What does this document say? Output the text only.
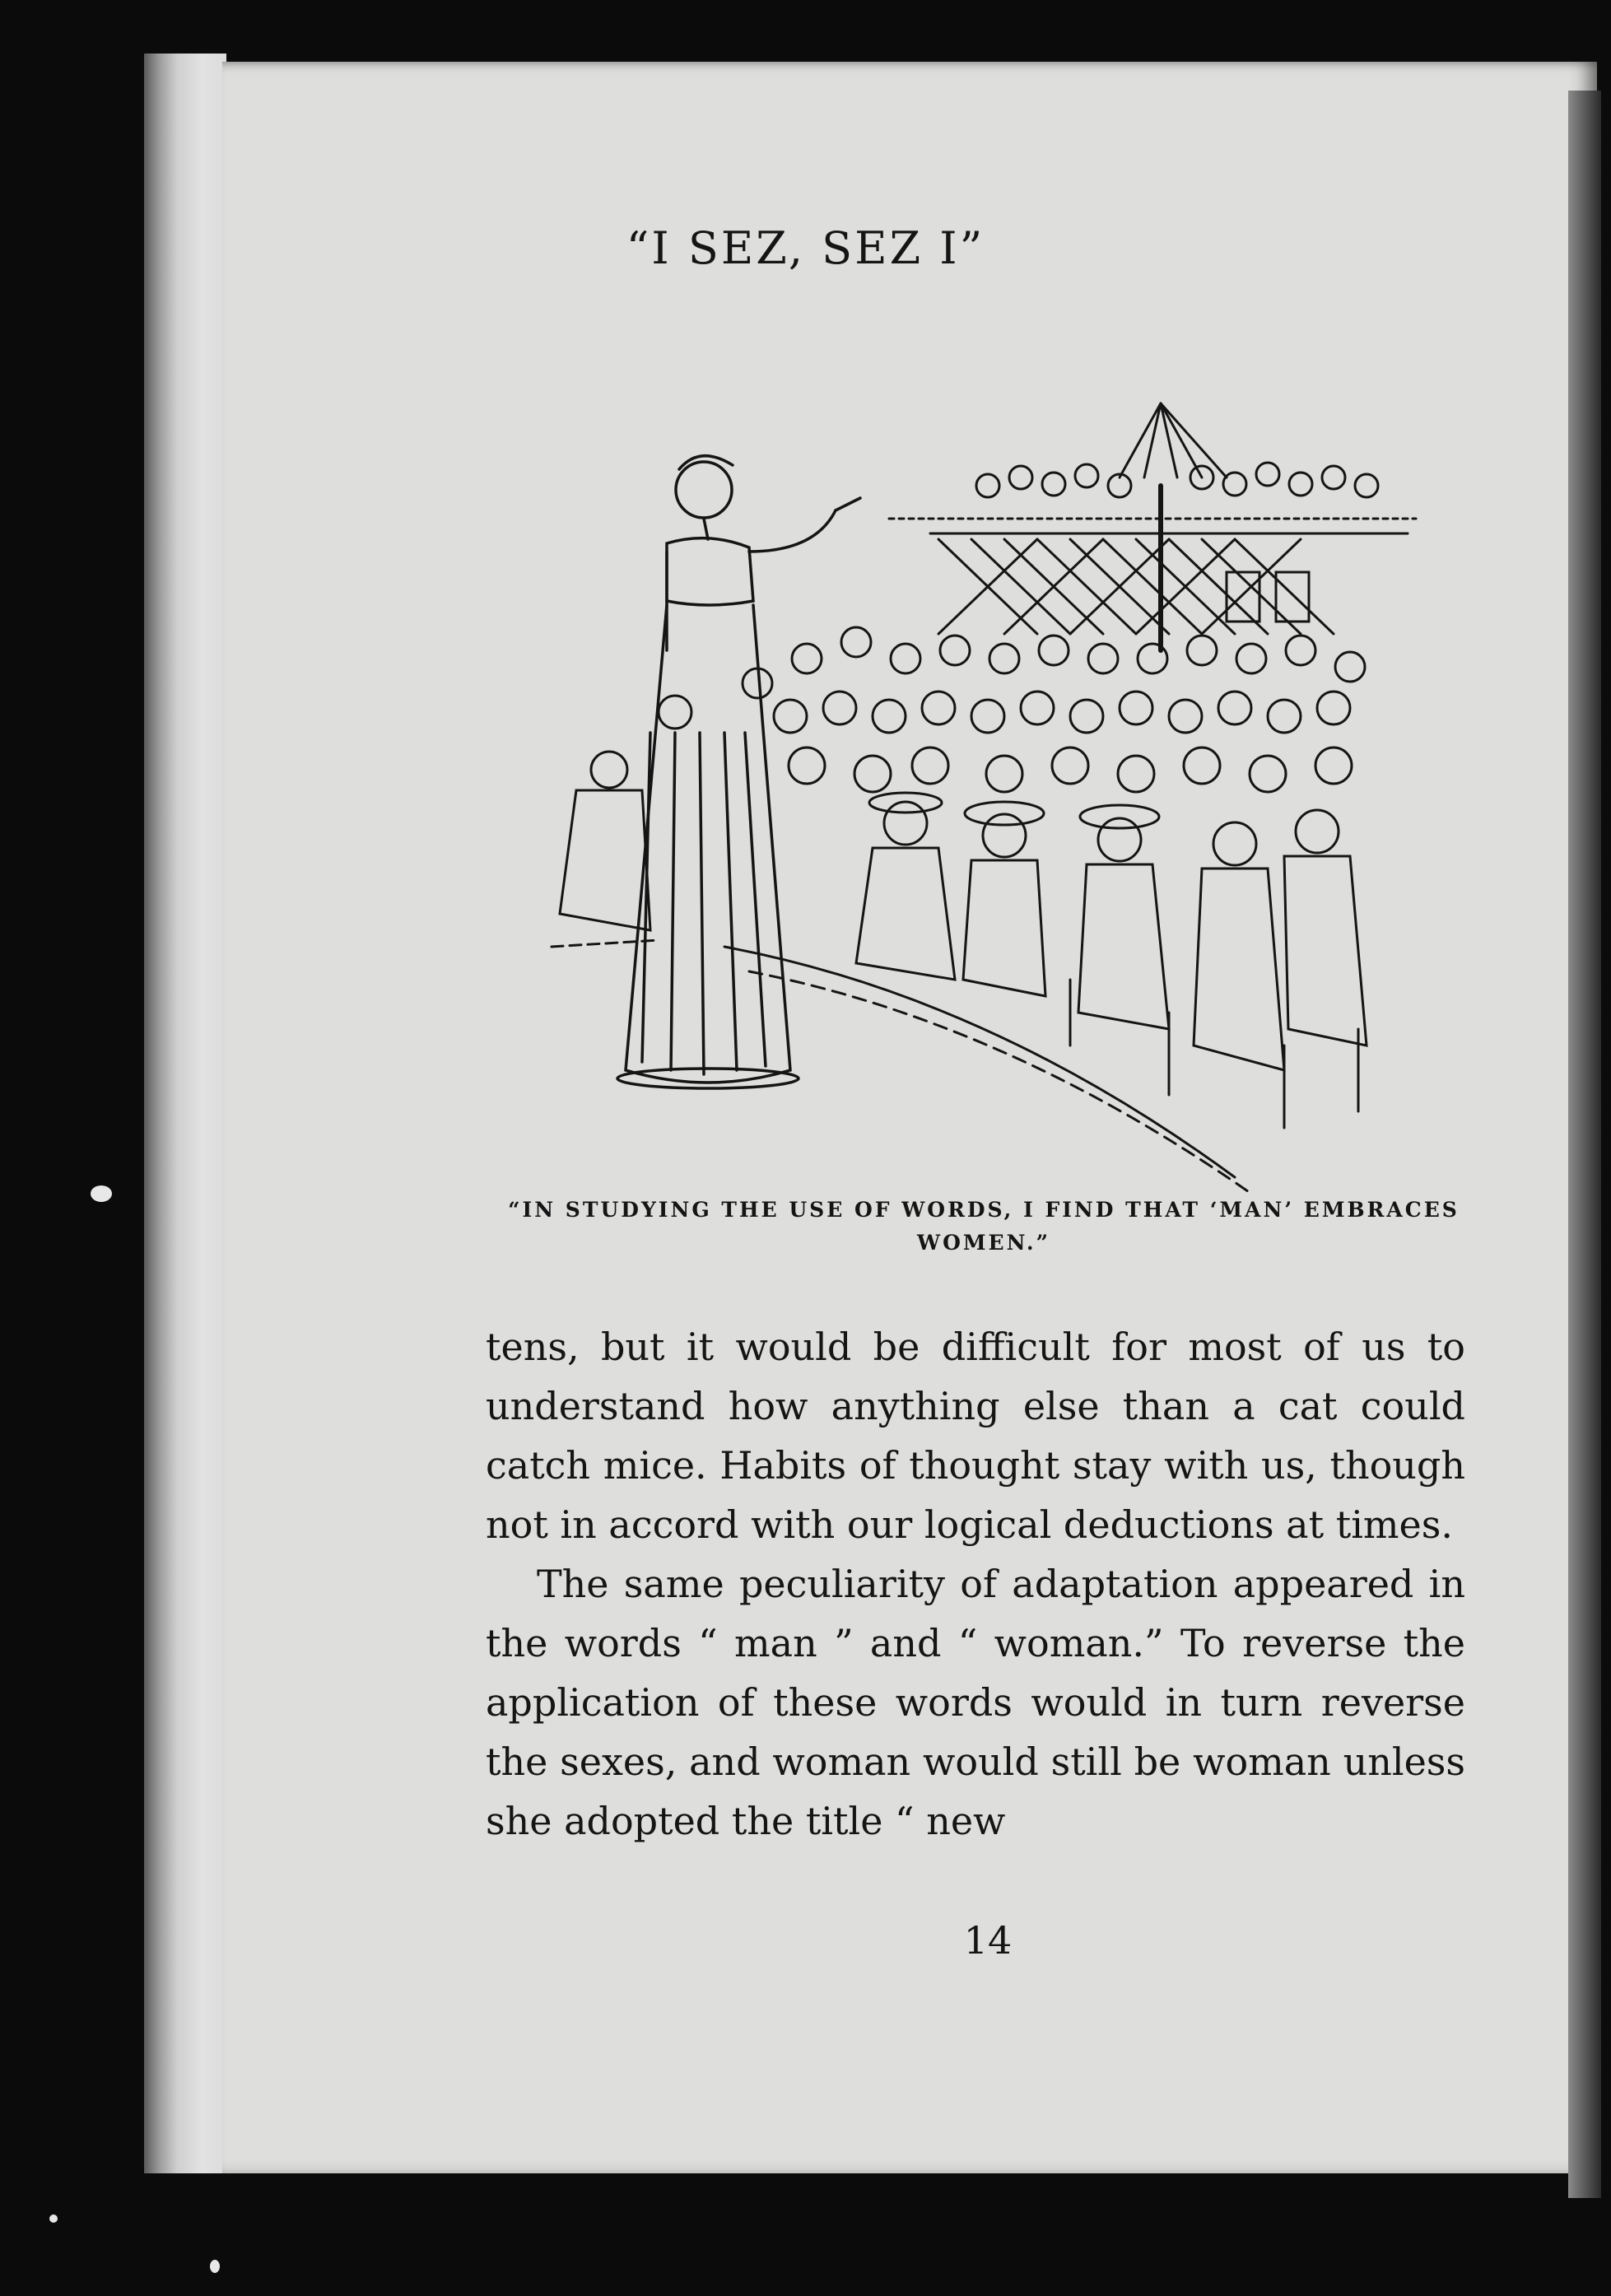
“I SEZ, SEZ I”
“IN STUDYING THE USE OF WORDS, I FIND THAT ‘MAN’ EMBRACES
WOMEN.”

tens, but it would be difficult for most of us to understand how anything else than a cat could catch mice. Habits of thought stay with us, though not in accord with our logical deductions at times.

The same peculiarity of adaptation appeared in the words “ man ” and “ woman.” To reverse the application of these words would in turn reverse the sexes, and woman would still be woman unless she adopted the title “ new

14
